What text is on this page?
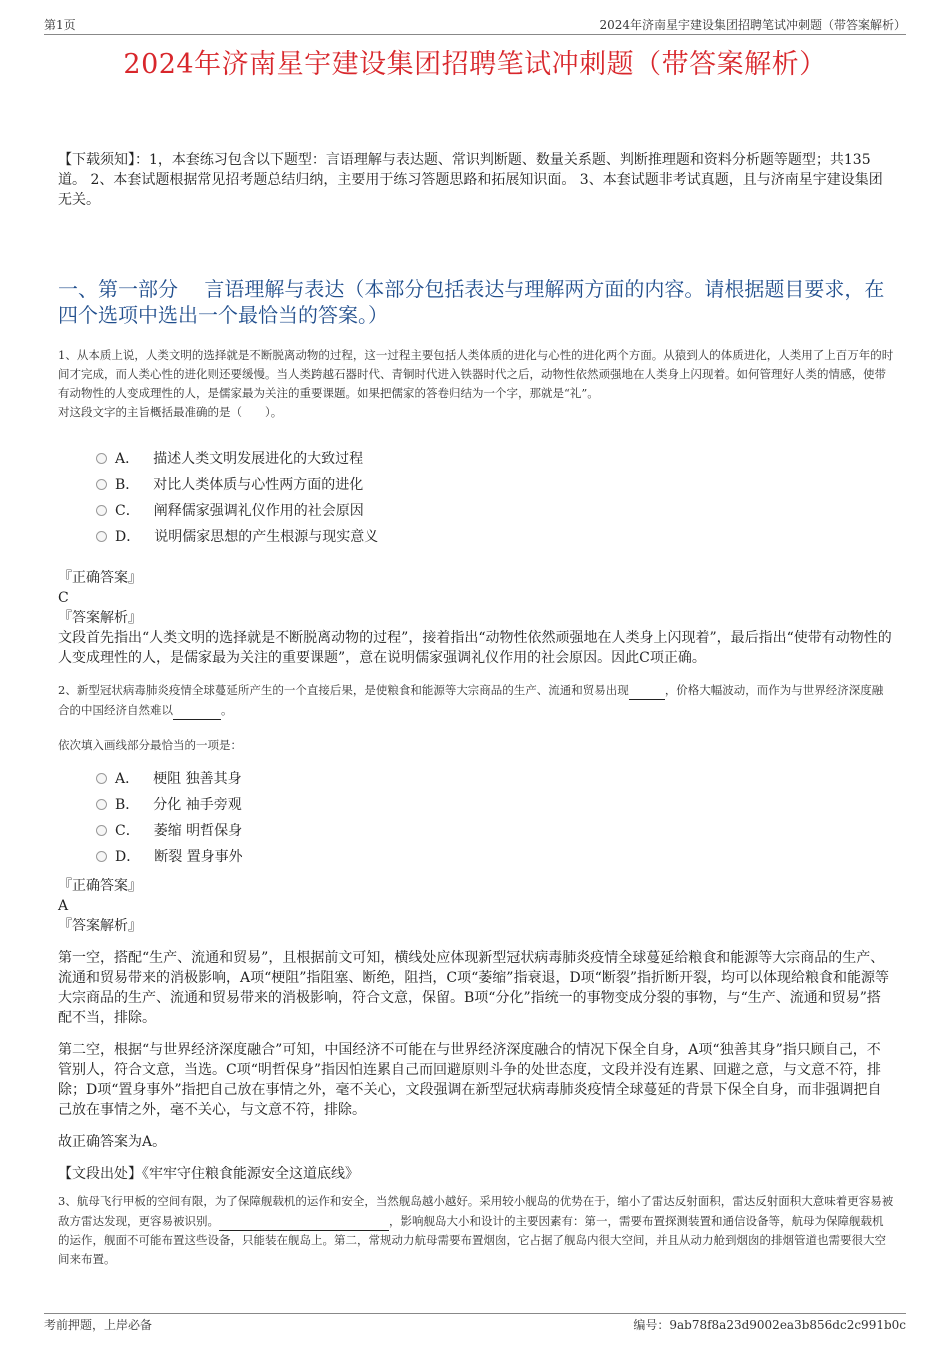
第1页	2024年济南星宇建设集团招聘笔试冲刺题（带答案解析）
2024年济南星宇建设集团招聘笔试冲刺题（带答案解析）
【下载须知】：1，本套练习包含以下题型：言语理解与表达题、常识判断题、数量关系题、判断推理题和资料分析题等题型；共135道。 2、本套试题根据常见招考题总结归纳，主要用于练习答题思路和拓展知识面。 3、本套试题非考试真题，且与济南星宇建设集团无关。
一、第一部分　 言语理解与表达（本部分包括表达与理解两方面的内容。请根据题目要求，在四个选项中选出一个最恰当的答案。）

1、从本质上说，人类文明的选择就是不断脱离动物的过程，这一过程主要包括人类体质的进化与心性的进化两个方面。从猿到人的体质进化，人类用了上百万年的时间才完成，而人类心性的进化则还要缓慢。当人类跨越石器时代、青铜时代进入铁器时代之后，动物性依然顽强地在人类身上闪现着。如何管理好人类的情感，使带有动物性的人变成理性的人，是儒家最为关注的重要课题。如果把儒家的答卷归结为一个字，那就是“礼”。

对这段文字的主旨概括最准确的是（　　）。

A． 描述人类文明发展进化的大致过程
B． 对比人类体质与心性两方面的进化
C． 阐释儒家强调礼仪作用的社会原因
D． 说明儒家思想的产生根源与现实意义

『正确答案』

C

『答案解析』

文段首先指出“人类文明的选择就是不断脱离动物的过程”，接着指出“动物性依然顽强地在人类身上闪现着”，最后指出“使带有动物性的人变成理性的人，是儒家最为关注的重要课题”，意在说明儒家强调礼仪作用的社会原因。因此C项正确。

2、新型冠状病毒肺炎疫情全球蔓延所产生的一个直接后果，是使粮食和能源等大宗商品的生产、流通和贸易出现	，价格大幅波动，而作为与世界经济深度融合的中国经济自然难以	。

依次填入画线部分最恰当的一项是：

A． 梗阻 独善其身
B． 分化 袖手旁观
C． 萎缩 明哲保身
D． 断裂 置身事外

『正确答案』

A

『答案解析』

第一空，搭配“生产、流通和贸易”，且根据前文可知，横线处应体现新型冠状病毒肺炎疫情全球蔓延给粮食和能源等大宗商品的生产、流通和贸易带来的消极影响，A项“梗阻”指阻塞、断绝，阻挡，C项“萎缩”指衰退，D项“断裂”指折断开裂，均可以体现给粮食和能源等大宗商品的生产、流通和贸易带来的消极影响，符合文意，保留。B项“分化”指统一的事物变成分裂的事物，与“生产、流通和贸易”搭配不当，排除。

第二空，根据“与世界经济深度融合”可知，中国经济不可能在与世界经济深度融合的情况下保全自身，A项“独善其身”指只顾自己，不管别人，符合文意，当选。C项“明哲保身”指因怕连累自己而回避原则斗争的处世态度，文段并没有连累、回避之意，与文意不符，排除；D项“置身事外”指把自己放在事情之外，毫不关心，文段强调在新型冠状病毒肺炎疫情全球蔓延的背景下保全自身，而非强调把自己放在事情之外，毫不关心，与文意不符，排除。

故正确答案为A。

【文段出处】《牢牢守住粮食能源安全这道底线》

3、航母飞行甲板的空间有限，为了保障舰载机的运作和安全，当然舰岛越小越好。采用较小舰岛的优势在于，缩小了雷达反射面积，雷达反射面积大意味着更容易被敌方雷达发现，更容易被识别。	，影响舰岛大小和设计的主要因素有：第一，需要布置探测装置和通信设备等，航母为保障舰载机的运作，舰面不可能布置这些设备，只能装在舰岛上。第二，常规动力航母需要布置烟囱，它占据了舰岛内很大空间，并且从动力舱到烟囱的排烟管道也需要很大空间来布置。

考前押题，上岸必备	编号：9ab78f8a23d9002ea3b856dc2c991b0c
